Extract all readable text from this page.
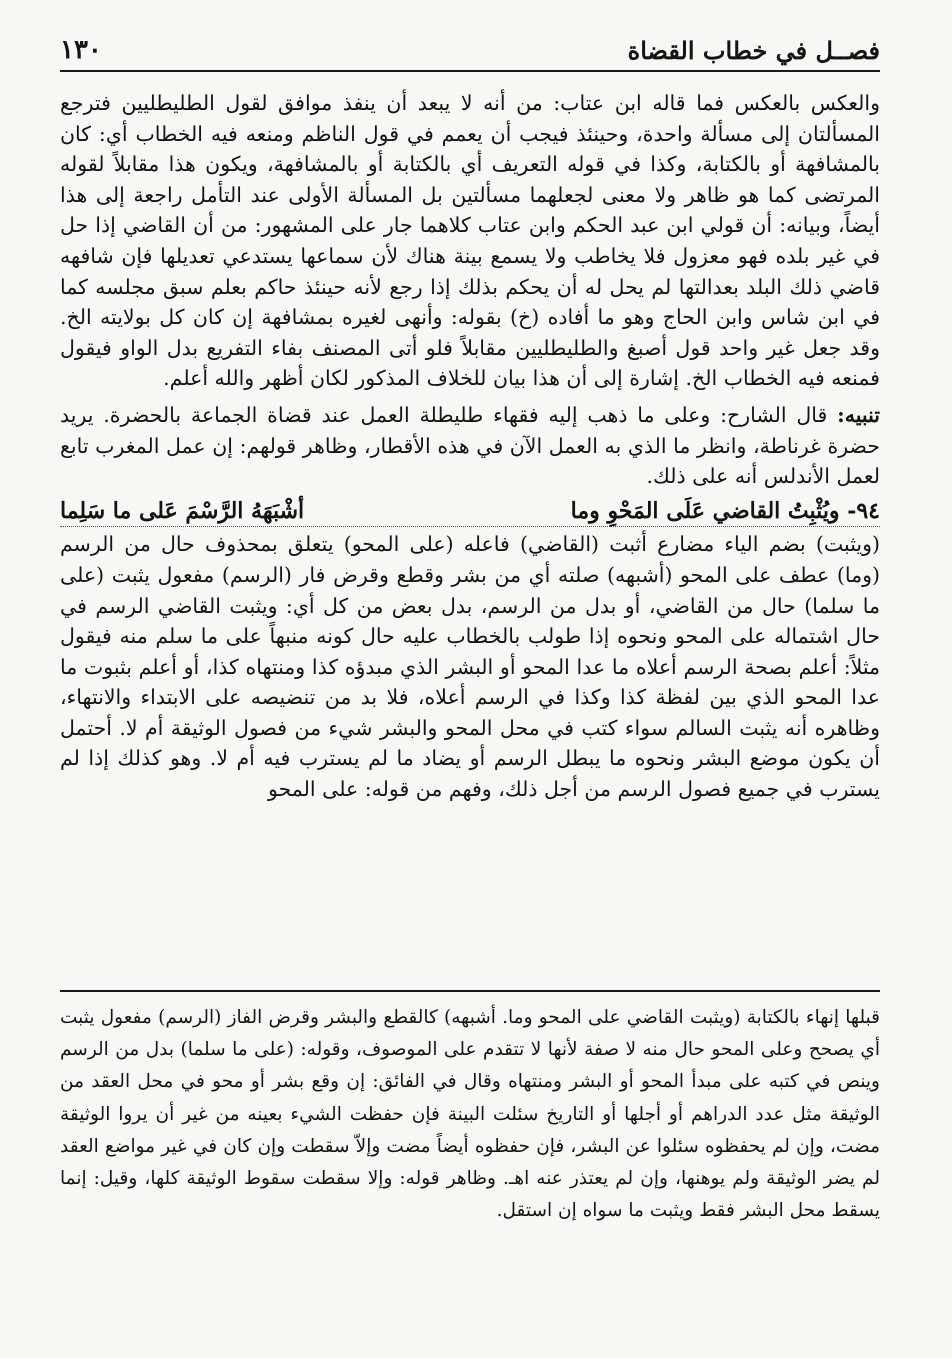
فصــل في خطاب القضاة
١٣٠

والعكس بالعكس فما قاله ابن عتاب: من أنه لا يبعد أن ينفذ موافق لقول الطليطليين فترجع المسألتان إلى مسألة واحدة، وحينئذ فيجب أن يعمم في قول الناظم ومنعه فيه الخطاب أي: كان بالمشافهة أو بالكتابة، وكذا في قوله التعريف أي بالكتابة أو بالمشافهة، ويكون هذا مقابلاً لقوله المرتضى كما هو ظاهر ولا معنى لجعلهما مسألتين بل المسألة الأولى عند التأمل راجعة إلى هذا أيضاً، وبيانه: أن قولي ابن عبد الحكم وابن عتاب كلاهما جار على المشهور: من أن القاضي إذا حل في غير بلده فهو معزول فلا يخاطب ولا يسمع بينة هناك لأن سماعها يستدعي تعديلها فإن شافهه قاضي ذلك البلد بعدالتها لم يحل له أن يحكم بذلك إذا رجع لأنه حينئذ حاكم بعلم سبق مجلسه كما في ابن شاس وابن الحاج وهو ما أفاده (خ) بقوله: وأنهى لغيره بمشافهة إن كان كل بولايته الخ. وقد جعل غير واحد قول أصبغ والطليطليين مقابلاً فلو أتى المصنف بفاء التفريع بدل الواو فيقول فمنعه فيه الخطاب الخ. إشارة إلى أن هذا بيان للخلاف المذكور لكان أظهر والله أعلم.

تنبيه: قال الشارح: وعلى ما ذهب إليه فقهاء طليطلة العمل عند قضاة الجماعة بالحضرة. يريد حضرة غرناطة، وانظر ما الذي به العمل الآن في هذه الأقطار، وظاهر قولهم: إن عمل المغرب تابع لعمل الأندلس أنه على ذلك.

٩٤- ويُثْبِتُ القاضي عَلَى المَحْوِ وما
أشْبَهَهُ الرَّسْمَ عَلى ما سَلِما

(ويثبت) بضم الياء مضارع أثبت (القاضي) فاعله (على المحو) يتعلق بمحذوف حال من الرسم (وما) عطف على المحو (أشبهه) صلته أي من بشر وقطع وقرض فار (الرسم) مفعول يثبت (على ما سلما) حال من القاضي، أو بدل من الرسم، بدل بعض من كل أي: ويثبت القاضي الرسم في حال اشتماله على المحو ونحوه إذا طولب بالخطاب عليه حال كونه منبهاً على ما سلم منه فيقول مثلاً: أعلم بصحة الرسم أعلاه ما عدا المحو أو البشر الذي مبدؤه كذا ومنتهاه كذا، أو أعلم بثبوت ما عدا المحو الذي بين لفظة كذا وكذا في الرسم أعلاه، فلا بد من تنضيصه على الابتداء والانتهاء، وظاهره أنه يثبت السالم سواء كتب في محل المحو والبشر شيء من فصول الوثيقة أم لا. أحتمل أن يكون موضع البشر ونحوه ما يبطل الرسم أو يضاد ما لم يسترب فيه أم لا. وهو كذلك إذا لم يسترب في جميع فصول الرسم من أجل ذلك، وفهم من قوله: على المحو

قبلها إنهاء بالكتابة (ويثبت القاضي على المحو وما. أشبهه) كالقطع والبشر وقرض الفاز (الرسم) مفعول يثبت أي يصحح وعلى المحو حال منه لا صفة لأنها لا تتقدم على الموصوف، وقوله: (على ما سلما) بدل من الرسم وينص في كتبه على مبدأ المحو أو البشر ومنتهاه وقال في الفائق: إن وقع بشر أو محو في محل العقد من الوثيقة مثل عدد الدراهم أو أجلها أو التاريخ سئلت البينة فإن حفظت الشيء بعينه من غير أن يروا الوثيقة مضت، وإن لم يحفظوه سئلوا عن البشر، فإن حفظوه أيضاً مضت وإلاّ سقطت وإن كان في غير مواضع العقد لم يضر الوثيقة ولم يوهنها، وإن لم يعتذر عنه اهـ. وظاهر قوله: وإلا سقطت سقوط الوثيقة كلها، وقيل: إنما يسقط محل البشر فقط ويثبت ما سواه إن استقل.
